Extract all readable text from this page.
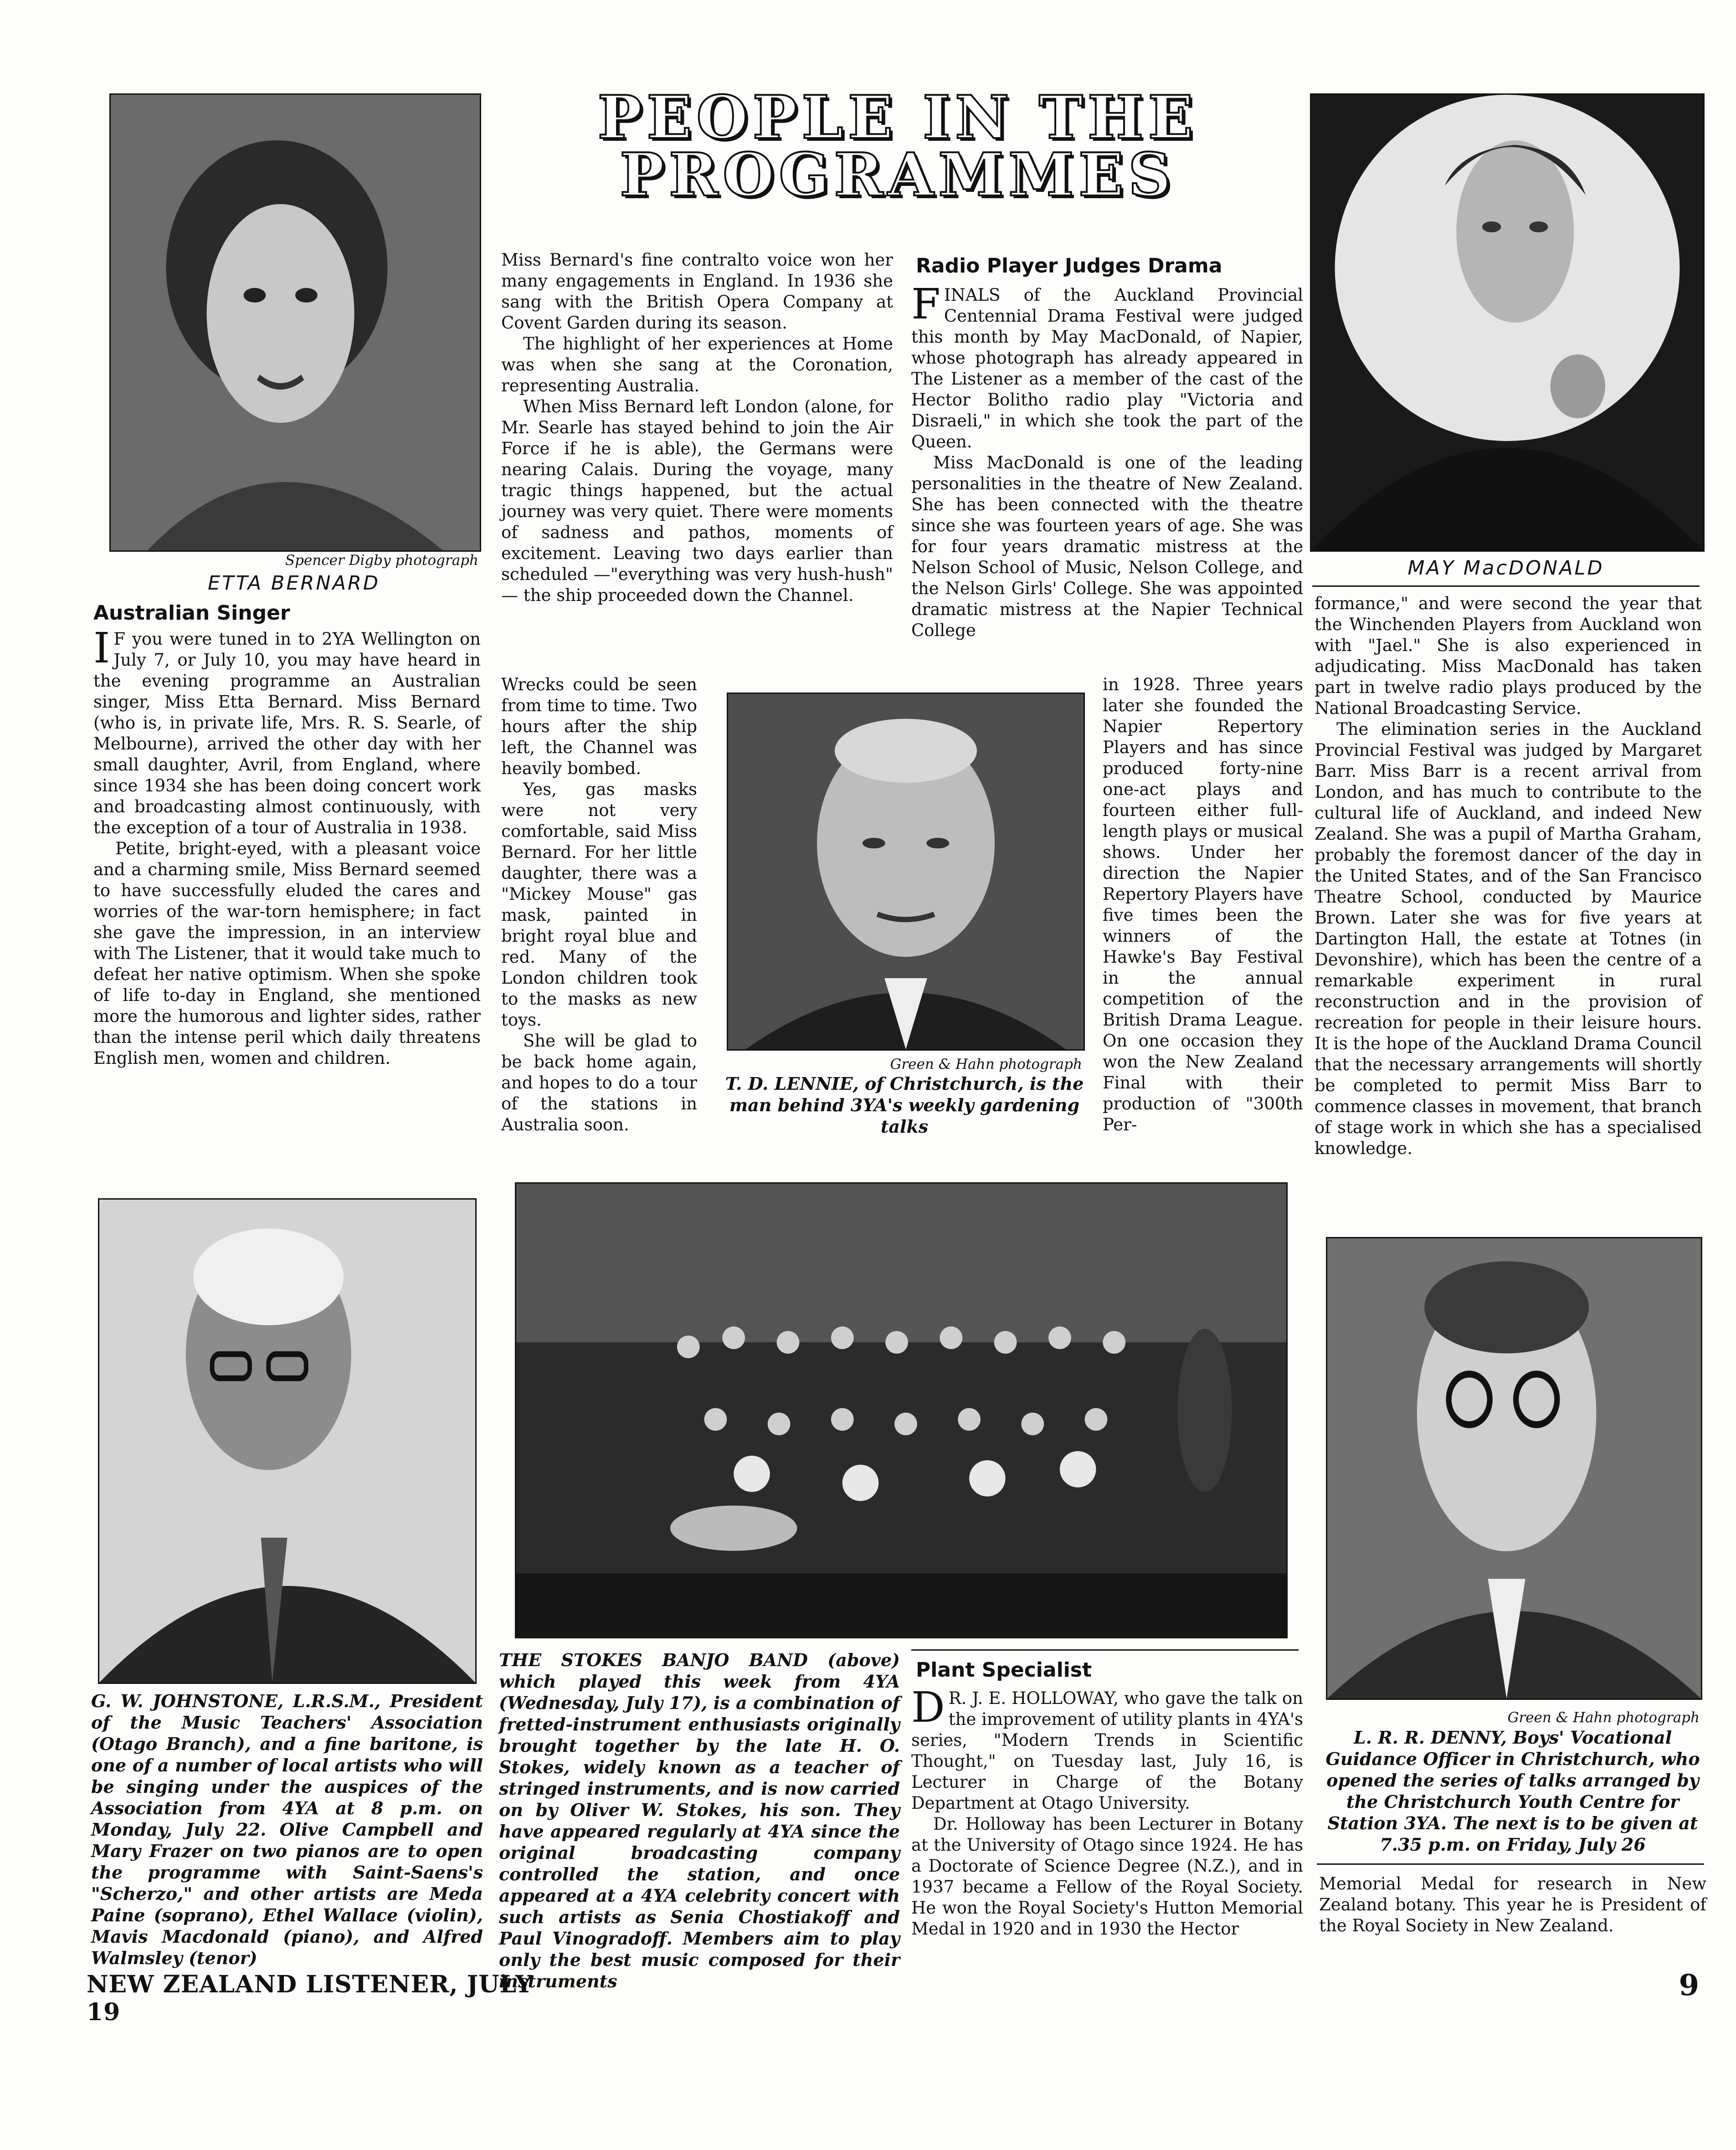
PEOPLE IN THE
PROGRAMMES
Spencer Digby photograph
ETTA BERNARD
Australian Singer

I F you were tuned in to 2YA Wellington on July 7, or July 10, you may have heard in the evening programme an Australian singer, Miss Etta Bernard. Miss Bernard (who is, in private life, Mrs. R. S. Searle, of Melbourne), arrived the other day with her small daughter, Avril, from England, where since 1934 she has been doing concert work and broadcasting almost continuously, with the exception of a tour of Australia in 1938.

Petite, bright-eyed, with a pleasant voice and a charming smile, Miss Bernard seemed to have successfully eluded the cares and worries of the war-torn hemisphere; in fact she gave the impression, in an interview with The Listener, that it would take much to defeat her native optimism. When she spoke of life to-day in England, she mentioned more the humorous and lighter sides, rather than the intense peril which daily threatens English men, women and children.

Miss Bernard's fine contralto voice won her many engagements in England. In 1936 she sang with the British Opera Company at Covent Garden during its season.

The highlight of her experiences at Home was when she sang at the Coronation, representing Australia.

When Miss Bernard left London (alone, for Mr. Searle has stayed behind to join the Air Force if he is able), the Germans were nearing Calais. During the voyage, many tragic things happened, but the actual journey was very quiet. There were moments of sadness and pathos, moments of excitement. Leaving two days earlier than scheduled —"everything was very hush-hush" — the ship proceeded down the Channel.

Wrecks could be seen from time to time. Two hours after the ship left, the Channel was heavily bombed.

Yes, gas masks were not very comfortable, said Miss Bernard. For her little daughter, there was a "Mickey Mouse" gas mask, painted in bright royal blue and red. Many of the London children took to the masks as new toys.

She will be glad to be back home again, and hopes to do a tour of the stations in Australia soon.

Radio Player Judges Drama

FINALS of the Auckland Provincial Centennial Drama Festival were judged this month by May MacDonald, of Napier, whose photograph has already appeared in The Listener as a member of the cast of the Hector Bolitho radio play "Victoria and Disraeli," in which she took the part of the Queen.

Miss MacDonald is one of the leading personalities in the theatre of New Zealand. She has been connected with the theatre since she was fourteen years of age. She was for four years dramatic mistress at the Nelson School of Music, Nelson College, and the Nelson Girls' College. She was appointed dramatic mistress at the Napier Technical College

in 1928. Three years later she founded the Napier Repertory Players and has since produced forty-nine one-act plays and fourteen either full-length plays or musical shows. Under her direction the Napier Repertory Players have five times been the winners of the Hawke's Bay Festival in the annual competition of the British Drama League. On one occasion they won the New Zealand Final with their production of "300th Per-

Green & Hahn photograph
T. D. LENNIE, of Christchurch, is the man behind 3YA's weekly gardening talks
MAY MacDONALD

formance," and were second the year that the Winchenden Players from Auckland won with "Jael." She is also experienced in adjudicating. Miss MacDonald has taken part in twelve radio plays produced by the National Broadcasting Service.

The elimination series in the Auckland Provincial Festival was judged by Margaret Barr. Miss Barr is a recent arrival from London, and has much to contribute to the cultural life of Auckland, and indeed New Zealand. She was a pupil of Martha Graham, probably the foremost dancer of the day in the United States, and of the San Francisco Theatre School, conducted by Maurice Brown. Later she was for five years at Dartington Hall, the estate at Totnes (in Devonshire), which has been the centre of a remarkable experiment in rural reconstruction and in the provision of recreation for people in their leisure hours. It is the hope of the Auckland Drama Council that the necessary arrangements will shortly be completed to permit Miss Barr to commence classes in movement, that branch of stage work in which she has a specialised knowledge.

G. W. JOHNSTONE, L.R.S.M., President of the Music Teachers' Association (Otago Branch), and a fine baritone, is one of a number of local artists who will be singing under the auspices of the Association from 4YA at 8 p.m. on Monday, July 22. Olive Campbell and Mary Frazer on two pianos are to open the programme with Saint-Saens's "Scherzo," and other artists are Meda Paine (soprano), Ethel Wallace (violin), Mavis Macdonald (piano), and Alfred Walmsley (tenor)
THE STOKES BANJO BAND (above) which played this week from 4YA (Wednesday, July 17), is a combination of fretted-instrument enthusiasts originally brought together by the late H. O. Stokes, widely known as a teacher of stringed instruments, and is now carried on by Oliver W. Stokes, his son. They have appeared regularly at 4YA since the original broadcasting company controlled the station, and once appeared at a 4YA celebrity concert with such artists as Senia Chostiakoff and Paul Vinogradoff. Members aim to play only the best music composed for their instruments
Plant Specialist

D R. J. E. HOLLOWAY, who gave the talk on the improvement of utility plants in 4YA's series, "Modern Trends in Scientific Thought," on Tuesday last, July 16, is Lecturer in Charge of the Botany Department at Otago University.

Dr. Holloway has been Lecturer in Botany at the University of Otago since 1924. He has a Doctorate of Science Degree (N.Z.), and in 1937 became a Fellow of the Royal Society. He won the Royal Society's Hutton Memorial Medal in 1920 and in 1930 the Hector

Green & Hahn photograph
L. R. R. DENNY, Boys' Vocational Guidance Officer in Christchurch, who opened the series of talks arranged by the Christchurch Youth Centre for Station 3YA. The next is to be given at 7.35 p.m. on Friday, July 26

Memorial Medal for research in New Zealand botany. This year he is President of the Royal Society in New Zealand.

NEW ZEALAND LISTENER, JULY 19
9
